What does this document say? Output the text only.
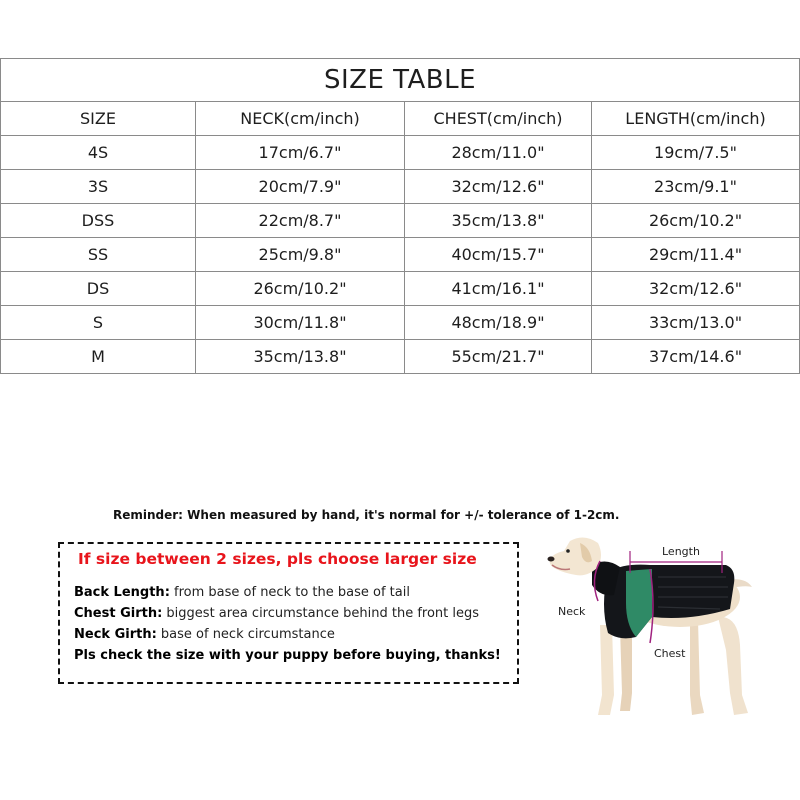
SIZE TABLE			
SIZE	NECK(cm/inch)	CHEST(cm/inch)	LENGTH(cm/inch)
4S	17cm/6.7"	28cm/11.0"	19cm/7.5"
3S	20cm/7.9"	32cm/12.6"	23cm/9.1"
DSS	22cm/8.7"	35cm/13.8"	26cm/10.2"
SS	25cm/9.8"	40cm/15.7"	29cm/11.4"
DS	26cm/10.2"	41cm/16.1"	32cm/12.6"
S	30cm/11.8"	48cm/18.9"	33cm/13.0"
M	35cm/13.8"	55cm/21.7"	37cm/14.6"
Reminder: When measured by hand, it's normal for +/- tolerance of 1-2cm.
If size between 2 sizes, pls choose larger size
Back Length: from base of neck to the base of tail
Chest Girth: biggest area circumstance behind the front legs
Neck Girth: base of neck circumstance
Pls check the size with your puppy before buying, thanks!
Length
Neck
Chest
